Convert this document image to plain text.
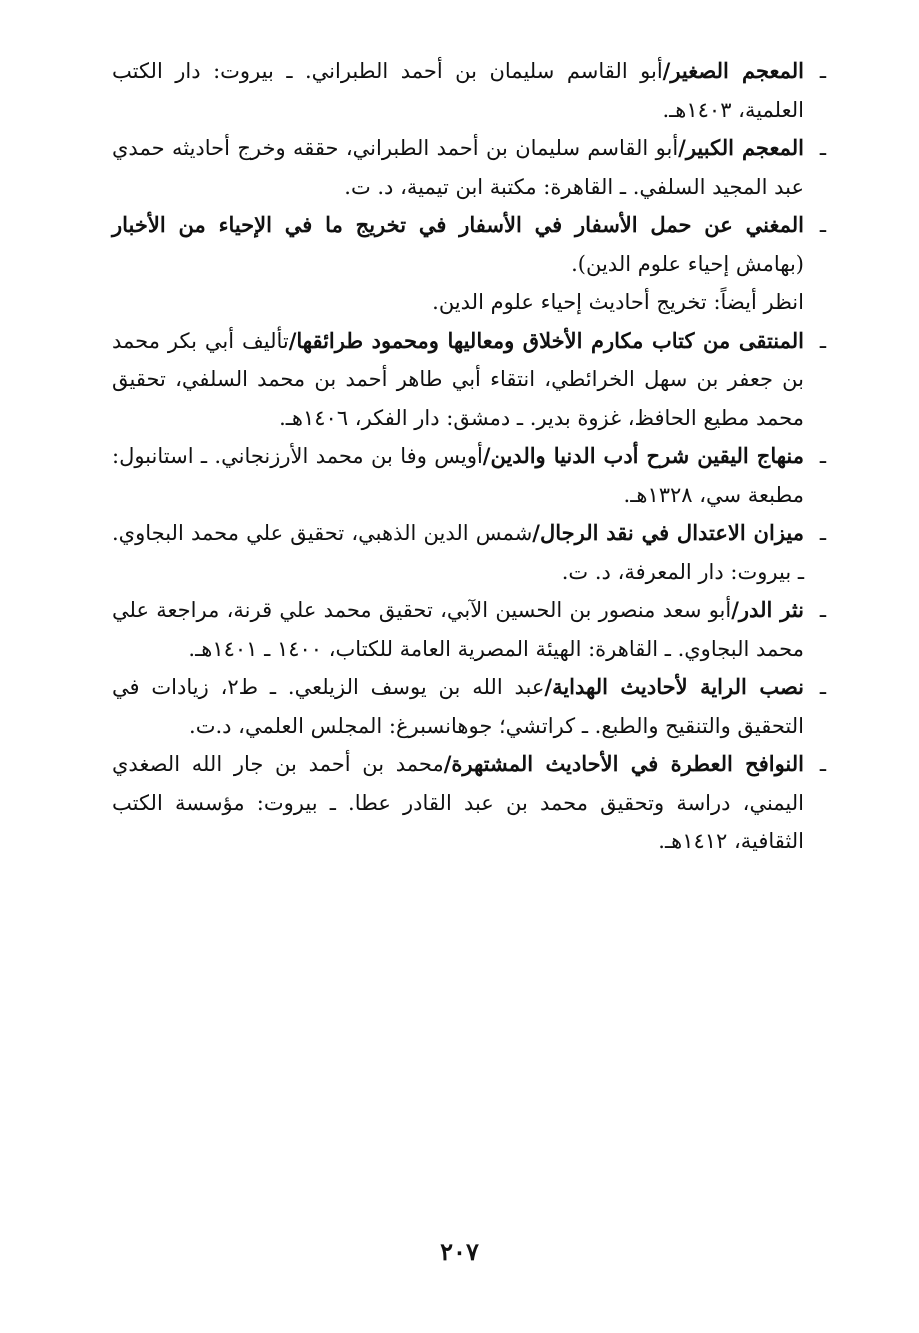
ـ
المعجم الصغير/أبو القاسم سليمان بن أحمد الطبراني. ـ بيروت: دار الكتب العلمية، ١٤٠٣هـ.

ـ
المعجم الكبير/أبو القاسم سليمان بن أحمد الطبراني، حققه وخرج أحاديثه حمدي عبد المجيد السلفي. ـ القاهرة: مكتبة ابن تيمية، د. ت.

ـ
المغني عن حمل الأسفار في الأسفار في تخريج ما في الإحياء من الأخبار (بهامش إحياء علوم الدين).

انظر أيضاً: تخريج أحاديث إحياء علوم الدين.

ـ
المنتقى من كتاب مكارم الأخلاق ومعاليها ومحمود طرائقها/تأليف أبي بكر محمد بن جعفر بن سهل الخرائطي، انتقاء أبي طاهر أحمد بن محمد السلفي، تحقيق محمد مطيع الحافظ، غزوة بدير. ـ دمشق: دار الفكر، ١٤٠٦هـ.

ـ
منهاج اليقين شرح أدب الدنيا والدين/أويس وفا بن محمد الأرزنجاني. ـ استانبول: مطبعة سي، ١٣٢٨هـ.

ـ
ميزان الاعتدال في نقد الرجال/شمس الدين الذهبي، تحقيق علي محمد البجاوي. ـ بيروت: دار المعرفة، د. ت.

ـ
نثر الدر/أبو سعد منصور بن الحسين الآبي، تحقيق محمد علي قرنة، مراجعة علي محمد البجاوي. ـ القاهرة: الهيئة المصرية العامة للكتاب، ١٤٠٠ ـ ١٤٠١هـ.

ـ
نصب الراية لأحاديث الهداية/عبد الله بن يوسف الزيلعي. ـ ط٢، زيادات في التحقيق والتنقيح والطبع. ـ كراتشي؛ جوهانسبرغ: المجلس العلمي، د.ت.

ـ
النوافح العطرة في الأحاديث المشتهرة/محمد بن أحمد بن جار الله الصغدي اليمني، دراسة وتحقيق محمد بن عبد القادر عطا. ـ بيروت: مؤسسة الكتب الثقافية، ١٤١٢هـ.

٢٠٧
